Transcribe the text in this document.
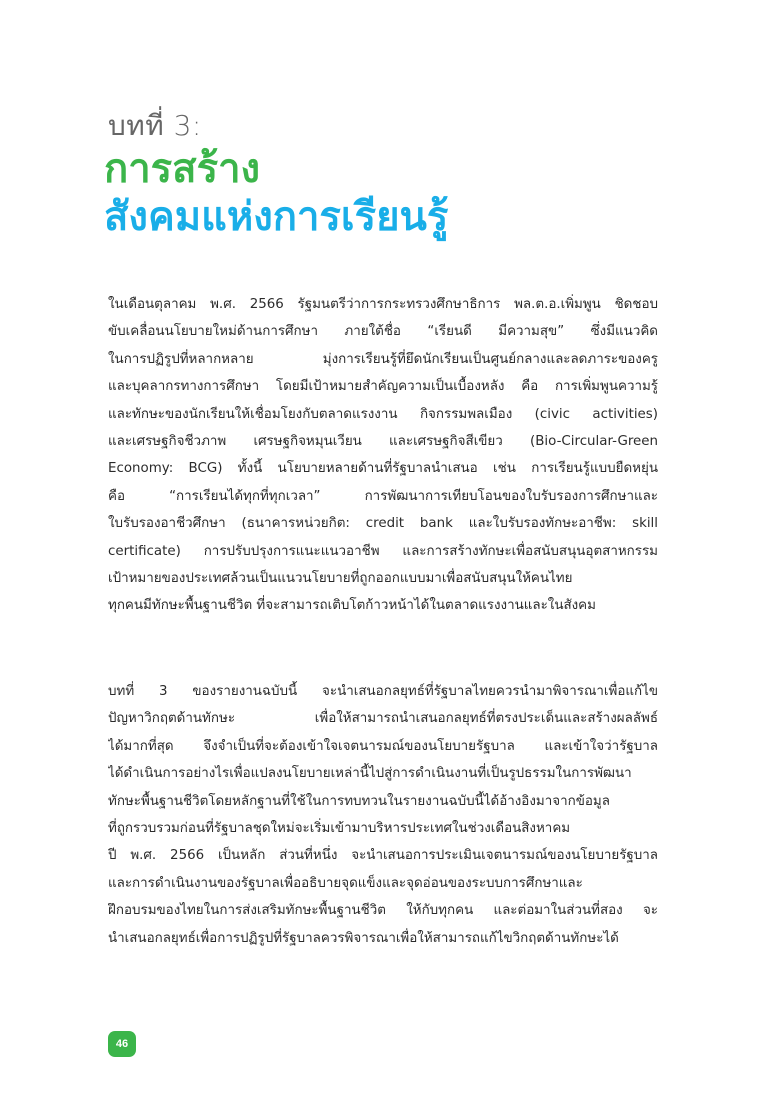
บทที่ 3:
การสร้าง
สังคมแห่งการเรียนรู้
ในเดือนตุลาคม พ.ศ. 2566 รัฐมนตรีว่าการกระทรวงศึกษาธิการ พล.ต.อ.เพิ่มพูน ชิดชอบ
ขับเคลื่อนนโยบายใหม่ด้านการศึกษา ภายใต้ชื่อ “เรียนดี มีความสุข” ซึ่งมีแนวคิด
ในการปฏิรูปที่หลากหลาย มุ่งการเรียนรู้ที่ยึดนักเรียนเป็นศูนย์กลางและลดภาระของครู
และบุคลากรทางการศึกษา โดยมีเป้าหมายสำคัญความเป็นเบื้องหลัง คือ การเพิ่มพูนความรู้
และทักษะของนักเรียนให้เชื่อมโยงกับตลาดแรงงาน กิจกรรมพลเมือง (civic activities)
และเศรษฐกิจชีวภาพ เศรษฐกิจหมุนเวียน และเศรษฐกิจสีเขียว (Bio-Circular-Green
Economy: BCG) ทั้งนี้ นโยบายหลายด้านที่รัฐบาลนำเสนอ เช่น การเรียนรู้แบบยืดหยุ่น
คือ “การเรียนได้ทุกที่ทุกเวลา” การพัฒนาการเทียบโอนของใบรับรองการศึกษาและ
ใบรับรองอาชีวศึกษา (ธนาคารหน่วยกิต: credit bank และใบรับรองทักษะอาชีพ: skill
certificate) การปรับปรุงการแนะแนวอาชีพ และการสร้างทักษะเพื่อสนับสนุนอุตสาหกรรม
เป้าหมายของประเทศล้วนเป็นแนวนโยบายที่ถูกออกแบบมาเพื่อสนับสนุนให้คนไทย
ทุกคนมีทักษะพื้นฐานชีวิต ที่จะสามารถเติบโตก้าวหน้าได้ในตลาดแรงงานและในสังคม
บทที่ 3 ของรายงานฉบับนี้ จะนำเสนอกลยุทธ์ที่รัฐบาลไทยควรนำมาพิจารณาเพื่อแก้ไข
ปัญหาวิกฤตด้านทักษะ เพื่อให้สามารถนำเสนอกลยุทธ์ที่ตรงประเด็นและสร้างผลลัพธ์
ได้มากที่สุด จึงจำเป็นที่จะต้องเข้าใจเจตนารมณ์ของนโยบายรัฐบาล และเข้าใจว่ารัฐบาล
ได้ดำเนินการอย่างไรเพื่อแปลงนโยบายเหล่านี้ไปสู่การดำเนินงานที่เป็นรูปธรรมในการพัฒนา
ทักษะพื้นฐานชีวิตโดยหลักฐานที่ใช้ในการทบทวนในรายงานฉบับนี้ได้อ้างอิงมาจากข้อมูล
ที่ถูกรวบรวมก่อนที่รัฐบาลชุดใหม่จะเริ่มเข้ามาบริหารประเทศในช่วงเดือนสิงหาคม
ปี พ.ศ. 2566 เป็นหลัก ส่วนที่หนึ่ง จะนำเสนอการประเมินเจตนารมณ์ของนโยบายรัฐบาล
และการดำเนินงานของรัฐบาลเพื่ออธิบายจุดแข็งและจุดอ่อนของระบบการศึกษาและ
ฝึกอบรมของไทยในการส่งเสริมทักษะพื้นฐานชีวิต ให้กับทุกคน และต่อมาในส่วนที่สอง จะ
นำเสนอกลยุทธ์เพื่อการปฏิรูปที่รัฐบาลควรพิจารณาเพื่อให้สามารถแก้ไขวิกฤตด้านทักษะได้
46
